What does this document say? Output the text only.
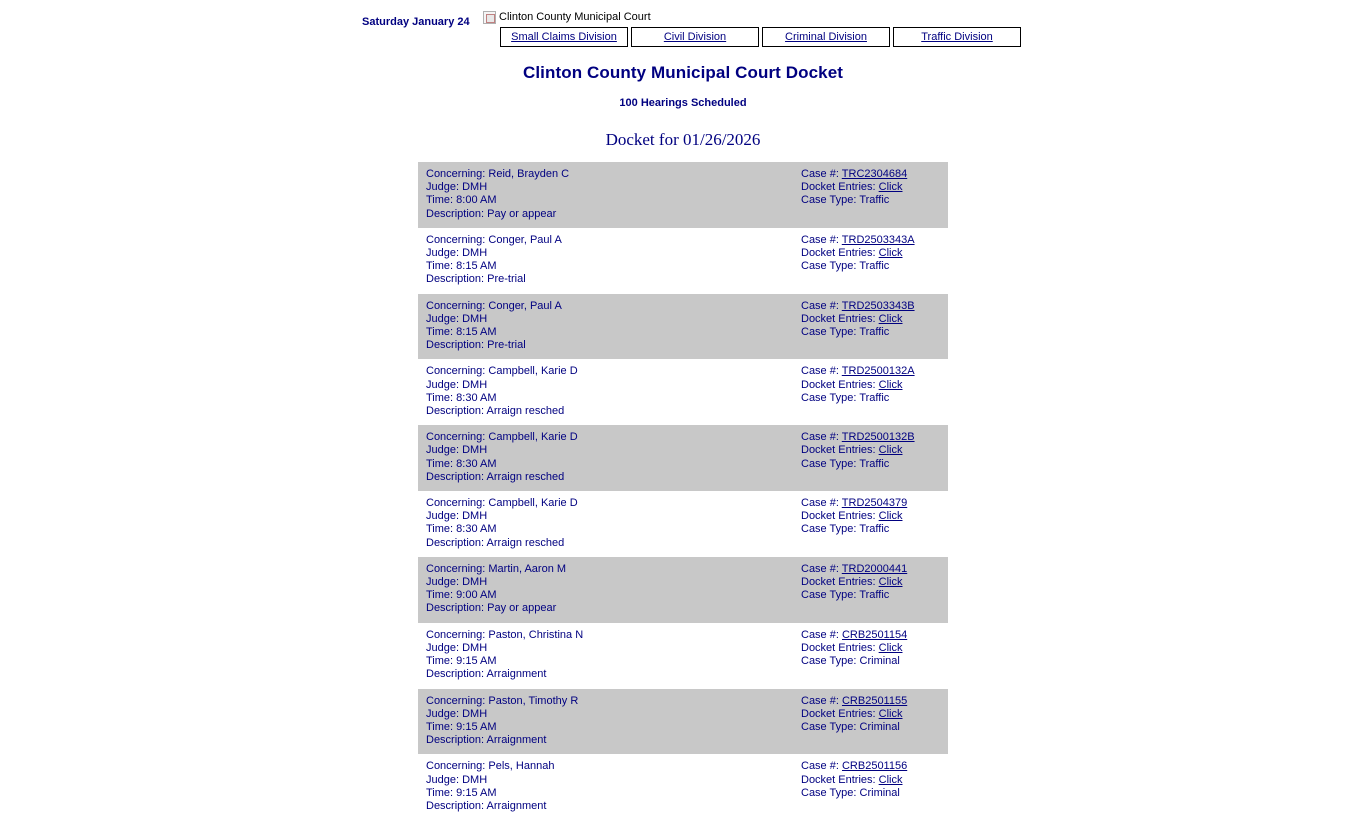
Saturday January 24	Clinton County Municipal Court
Small Claims Division	Civil Division	Criminal Division	Traffic Division
Clinton County Municipal Court Docket
100 Hearings Scheduled
Docket for 01/26/2026
Concerning: Reid, Brayden C
Judge: DMH
Time: 8:00 AM
Description: Pay or appear

Case #: TRC2304684
Docket Entries: Click
Case Type: Traffic

Concerning: Conger, Paul A
Judge: DMH
Time: 8:15 AM
Description: Pre-trial

Case #: TRD2503343A
Docket Entries: Click
Case Type: Traffic

Concerning: Conger, Paul A
Judge: DMH
Time: 8:15 AM
Description: Pre-trial

Case #: TRD2503343B
Docket Entries: Click
Case Type: Traffic

Concerning: Campbell, Karie D
Judge: DMH
Time: 8:30 AM
Description: Arraign resched

Case #: TRD2500132A
Docket Entries: Click
Case Type: Traffic

Concerning: Campbell, Karie D
Judge: DMH
Time: 8:30 AM
Description: Arraign resched

Case #: TRD2500132B
Docket Entries: Click
Case Type: Traffic

Concerning: Campbell, Karie D
Judge: DMH
Time: 8:30 AM
Description: Arraign resched

Case #: TRD2504379
Docket Entries: Click
Case Type: Traffic

Concerning: Martin, Aaron M
Judge: DMH
Time: 9:00 AM
Description: Pay or appear

Case #: TRD2000441
Docket Entries: Click
Case Type: Traffic

Concerning: Paston, Christina N
Judge: DMH
Time: 9:15 AM
Description: Arraignment

Case #: CRB2501154
Docket Entries: Click
Case Type: Criminal

Concerning: Paston, Timothy R
Judge: DMH
Time: 9:15 AM
Description: Arraignment

Case #: CRB2501155
Docket Entries: Click
Case Type: Criminal

Concerning: Pels, Hannah
Judge: DMH
Time: 9:15 AM
Description: Arraignment

Case #: CRB2501156
Docket Entries: Click
Case Type: Criminal
